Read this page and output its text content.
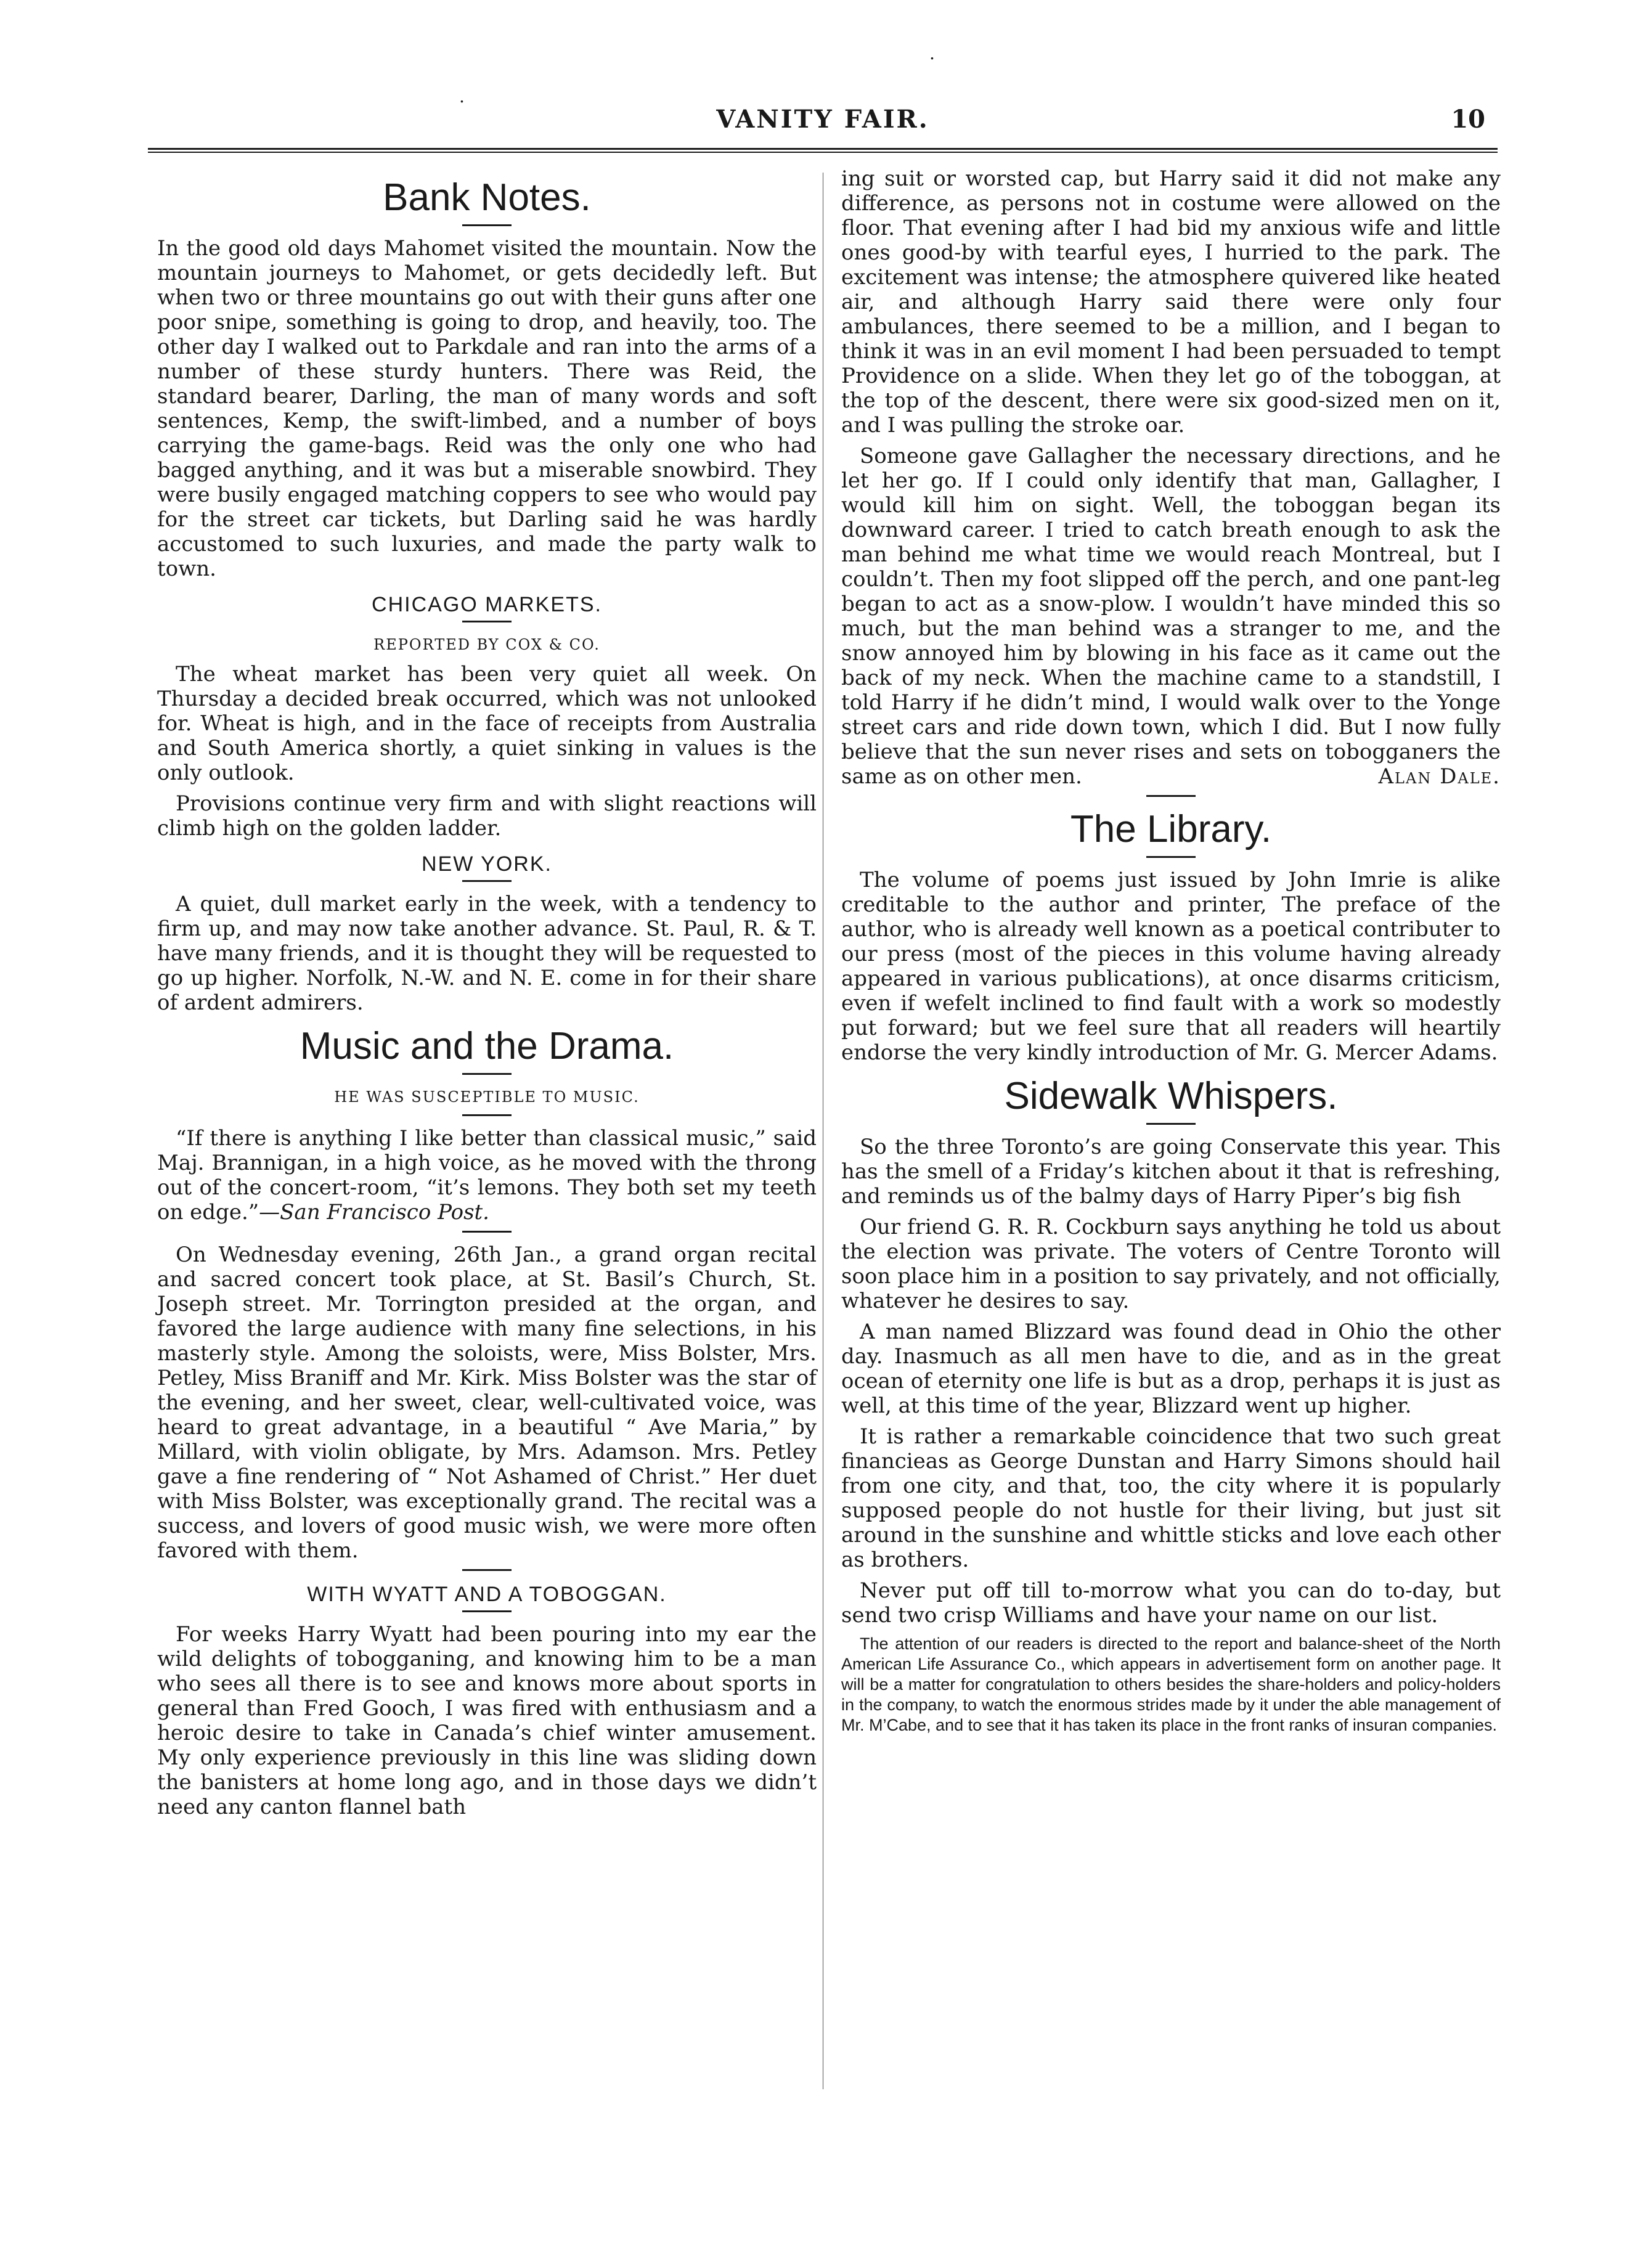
.
.
VANITY FAIR.	10
Bank Notes.

In the good old days Mahomet visited the mountain. Now the mountain journeys to Mahomet, or gets decidedly left. But when two or three mountains go out with their guns after one poor snipe, something is going to drop, and heavily, too. The other day I walked out to Parkdale and ran into the arms of a number of these sturdy hunters. There was Reid, the standard bearer, Darling, the man of many words and soft sentences, Kemp, the swift-limbed, and a number of boys carrying the game-bags. Reid was the only one who had bagged anything, and it was but a miserable snowbird. They were busily engaged matching coppers to see who would pay for the street car tickets, but Darling said he was hardly accustomed to such luxuries, and made the party walk to town.

CHICAGO MARKETS.
REPORTED BY COX & CO.

The wheat market has been very quiet all week. On Thursday a decided break occurred, which was not unlooked for. Wheat is high, and in the face of receipts from Australia and South America shortly, a quiet sinking in values is the only outlook.

Provisions continue very firm and with slight reactions will climb high on the golden ladder.

NEW YORK.

A quiet, dull market early in the week, with a tendency to firm up, and may now take another advance. St. Paul, R. & T. have many friends, and it is thought they will be requested to go up higher. Norfolk, N.-W. and N. E. come in for their share of ardent admirers.

Music and the Drama.
HE WAS SUSCEPTIBLE TO MUSIC.

“If there is anything I like better than classical music,” said Maj. Brannigan, in a high voice, as he moved with the throng out of the concert-room, “it’s lemons. They both set my teeth on edge.”—San Francisco Post.

On Wednesday evening, 26th Jan., a grand organ recital and sacred concert took place, at St. Basil’s Church, St. Joseph street. Mr. Torrington presided at the organ, and favored the large audience with many fine selections, in his masterly style. Among the soloists, were, Miss Bolster, Mrs. Petley, Miss Braniff and Mr. Kirk. Miss Bolster was the star of the evening, and her sweet, clear, well-cultivated voice, was heard to great advantage, in a beautiful “ Ave Maria,” by Millard, with violin obligate, by Mrs. Adamson. Mrs. Petley gave a fine rendering of “ Not Ashamed of Christ.” Her duet with Miss Bolster, was exceptionally grand. The recital was a success, and lovers of good music wish, we were more often favored with them.

WITH WYATT AND A TOBOGGAN.

For weeks Harry Wyatt had been pouring into my ear the wild delights of tobogganing, and knowing him to be a man who sees all there is to see and knows more about sports in general than Fred Gooch, I was fired with enthusiasm and a heroic desire to take in Canada’s chief winter amusement. My only experience previously in this line was sliding down the banisters at home long ago, and in those days we didn’t need any canton flannel bath

ing suit or worsted cap, but Harry said it did not make any difference, as persons not in costume were allowed on the floor. That evening after I had bid my anxious wife and little ones good-by with tearful eyes, I hurried to the park. The excitement was intense; the atmosphere quivered like heated air, and although Harry said there were only four ambulances, there seemed to be a million, and I began to think it was in an evil moment I had been persuaded to tempt Providence on a slide. When they let go of the toboggan, at the top of the descent, there were six good-sized men on it, and I was pulling the stroke oar.

Someone gave Gallagher the necessary directions, and he let her go. If I could only identify that man, Gallagher, I would kill him on sight. Well, the toboggan began its downward career. I tried to catch breath enough to ask the man behind me what time we would reach Montreal, but I couldn’t. Then my foot slipped off the perch, and one pant-leg began to act as a snow-plow. I wouldn’t have minded this so much, but the man behind was a stranger to me, and the snow annoyed him by blowing in his face as it came out the back of my neck. When the machine came to a standstill, I told Harry if he didn’t mind, I would walk over to the Yonge street cars and ride down town, which I did. But I now fully believe that the sun never rises and sets on tobogganers the same as on other men.	Alan Dale.

The Library.

The volume of poems just issued by John Imrie is alike creditable to the author and printer, The preface of the author, who is already well known as a poetical contributer to our press (most of the pieces in this volume having already appeared in various publications), at once disarms criticism, even if wefelt inclined to find fault with a work so modestly put forward; but we feel sure that all readers will heartily endorse the very kindly introduction of Mr. G. Mercer Adams.

Sidewalk Whispers.

So the three Toronto’s are going Conservate this year. This has the smell of a Friday’s kitchen about it that is refreshing, and reminds us of the balmy days of Harry Piper’s big fish

Our friend G. R. R. Cockburn says anything he told us about the election was private. The voters of Centre Toronto will soon place him in a position to say privately, and not officially, whatever he desires to say.

A man named Blizzard was found dead in Ohio the other day. Inasmuch as all men have to die, and as in the great ocean of eternity one life is but as a drop, perhaps it is just as well, at this time of the year, Blizzard went up higher.

It is rather a remarkable coincidence that two such great financieas as George Dunstan and Harry Simons should hail from one city, and that, too, the city where it is popularly supposed people do not hustle for their living, but just sit around in the sunshine and whittle sticks and love each other as brothers.

Never put off till to-morrow what you can do to-day, but send two crisp Williams and have your name on our list.

The attention of our readers is directed to the report and balance-sheet of the North American Life Assurance Co., which appears in advertisement form on another page. It will be a matter for congratulation to others besides the share-holders and policy-holders in the company, to watch the enormous strides made by it under the able management of Mr. M’Cabe, and to see that it has taken its place in the front ranks of insuran companies.
